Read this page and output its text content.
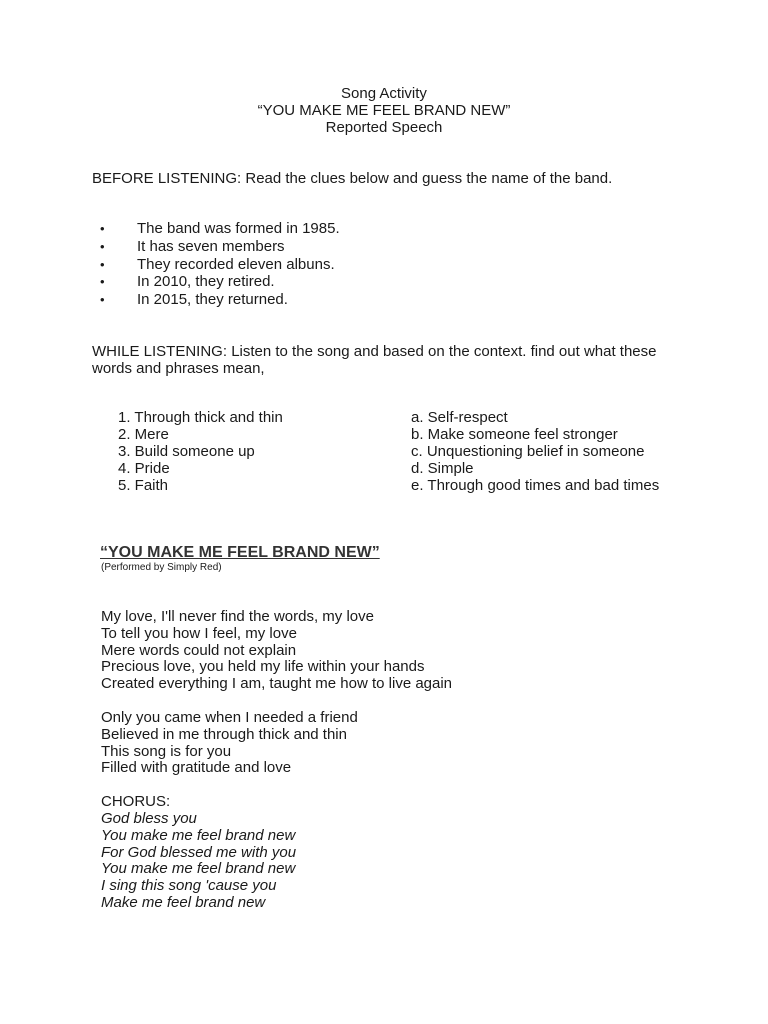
Song Activity
“YOU MAKE ME FEEL BRAND NEW”
Reported Speech
BEFORE LISTENING: Read the clues below and guess the name of the band.
• The band was formed in 1985.
• It has seven members
• They recorded eleven albuns.
• In 2010, they retired.
• In 2015, they returned.
WHILE LISTENING: Listen to the song and based on the context. find out what these words and phrases mean,
1. Through thick and thin
2. Mere
3. Build someone up
4. Pride
5. Faith
a. Self-respect
b. Make someone feel stronger
c. Unquestioning belief in someone
d. Simple
e. Through good times and bad times
“YOU MAKE ME FEEL BRAND NEW”
(Performed by Simply Red)
My love, I'll never find the words, my love
To tell you how I feel, my love
Mere words could not explain
Precious love, you held my life within your hands
Created everything I am, taught me how to live again
Only you came when I needed a friend
Believed in me through thick and thin
This song is for you
Filled with gratitude and love
CHORUS:
God bless you
You make me feel brand new
For God blessed me with you
You make me feel brand new
I sing this song 'cause you
Make me feel brand new
